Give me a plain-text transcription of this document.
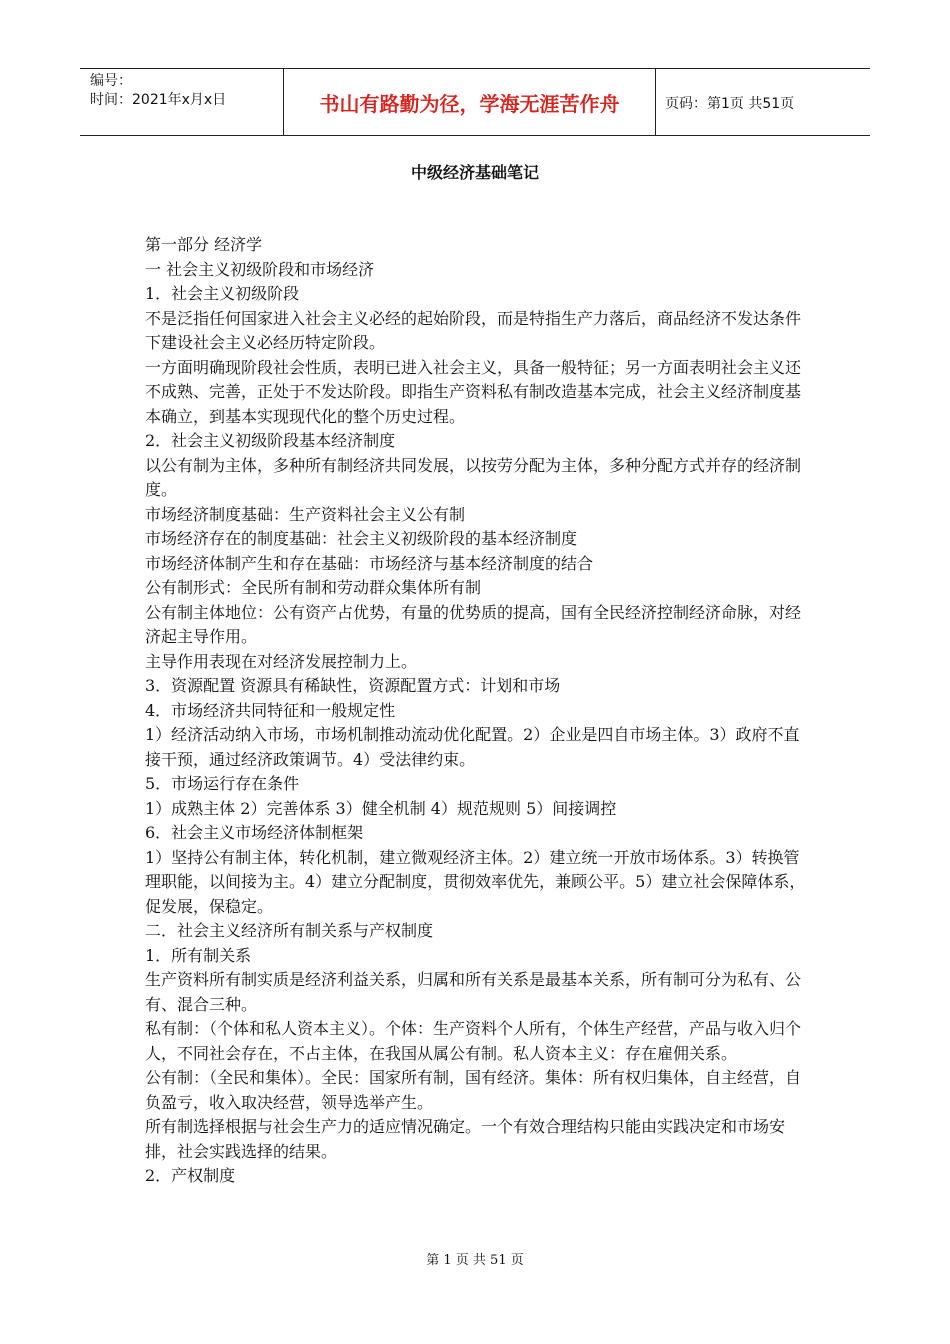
编号：
时间：2021年x月x日	书山有路勤为径，学海无涯苦作舟	页码：第1页 共51页
中级经济基础笔记

第一部分 经济学

一 社会主义初级阶段和市场经济

1．社会主义初级阶段

不是泛指任何国家进入社会主义必经的起始阶段，而是特指生产力落后，商品经济不发达条件下建设社会主义必经历特定阶段。

一方面明确现阶段社会性质，表明已进入社会主义，具备一般特征；另一方面表明社会主义还不成熟、完善，正处于不发达阶段。即指生产资料私有制改造基本完成，社会主义经济制度基本确立，到基本实现现代化的整个历史过程。

2．社会主义初级阶段基本经济制度

以公有制为主体，多种所有制经济共同发展，以按劳分配为主体，多种分配方式并存的经济制度。

市场经济制度基础：生产资料社会主义公有制

市场经济存在的制度基础：社会主义初级阶段的基本经济制度

市场经济体制产生和存在基础：市场经济与基本经济制度的结合

公有制形式：全民所有制和劳动群众集体所有制

公有制主体地位：公有资产占优势，有量的优势质的提高，国有全民经济控制经济命脉，对经济起主导作用。

主导作用表现在对经济发展控制力上。

3．资源配置 资源具有稀缺性，资源配置方式：计划和市场

4．市场经济共同特征和一般规定性

1）经济活动纳入市场，市场机制推动流动优化配置。2）企业是四自市场主体。3）政府不直接干预，通过经济政策调节。4）受法律约束。

5．市场运行存在条件

1）成熟主体 2）完善体系 3）健全机制 4）规范规则 5）间接调控

6．社会主义市场经济体制框架

1）坚持公有制主体，转化机制，建立微观经济主体。2）建立统一开放市场体系。3）转换管理职能，以间接为主。4）建立分配制度，贯彻效率优先，兼顾公平。5）建立社会保障体系，促发展，保稳定。

二．社会主义经济所有制关系与产权制度

1．所有制关系

生产资料所有制实质是经济利益关系，归属和所有关系是最基本关系，所有制可分为私有、公有、混合三种。

私有制：（个体和私人资本主义）。个体：生产资料个人所有，个体生产经营，产品与收入归个人，不同社会存在，不占主体，在我国从属公有制。私人资本主义：存在雇佣关系。

公有制：（全民和集体）。全民：国家所有制，国有经济。集体：所有权归集体，自主经营，自负盈亏，收入取决经营，领导选举产生。

所有制选择根据与社会生产力的适应情况确定。一个有效合理结构只能由实践决定和市场安排，社会实践选择的结果。

2．产权制度

第 1 页 共 51 页
